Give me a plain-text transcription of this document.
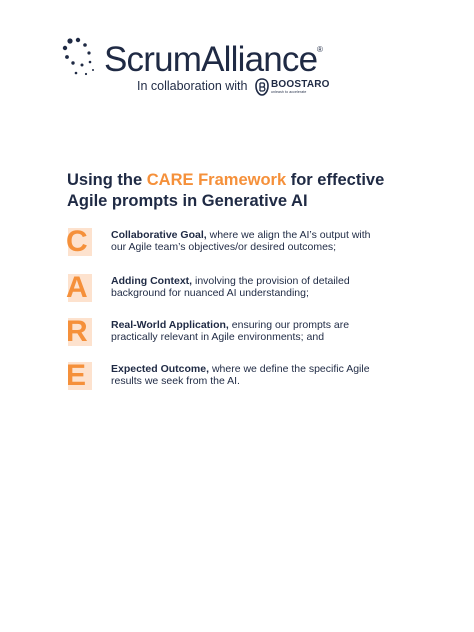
ScrumAlliance ®
In collaboration with BOOSTARO
unleash to accelerate
Using the CARE Framework for effective Agile prompts in Generative AI
C	Collaborative Goal, where we align the AI’s output with our Agile team’s objectives/or desired outcomes;
A	Adding Context, involving the provision of detailed background for nuanced AI understanding;
R	Real-World Application, ensuring our prompts are practically relevant in Agile environments; and
E	Expected Outcome, where we define the specific Agile results we seek from the AI.
